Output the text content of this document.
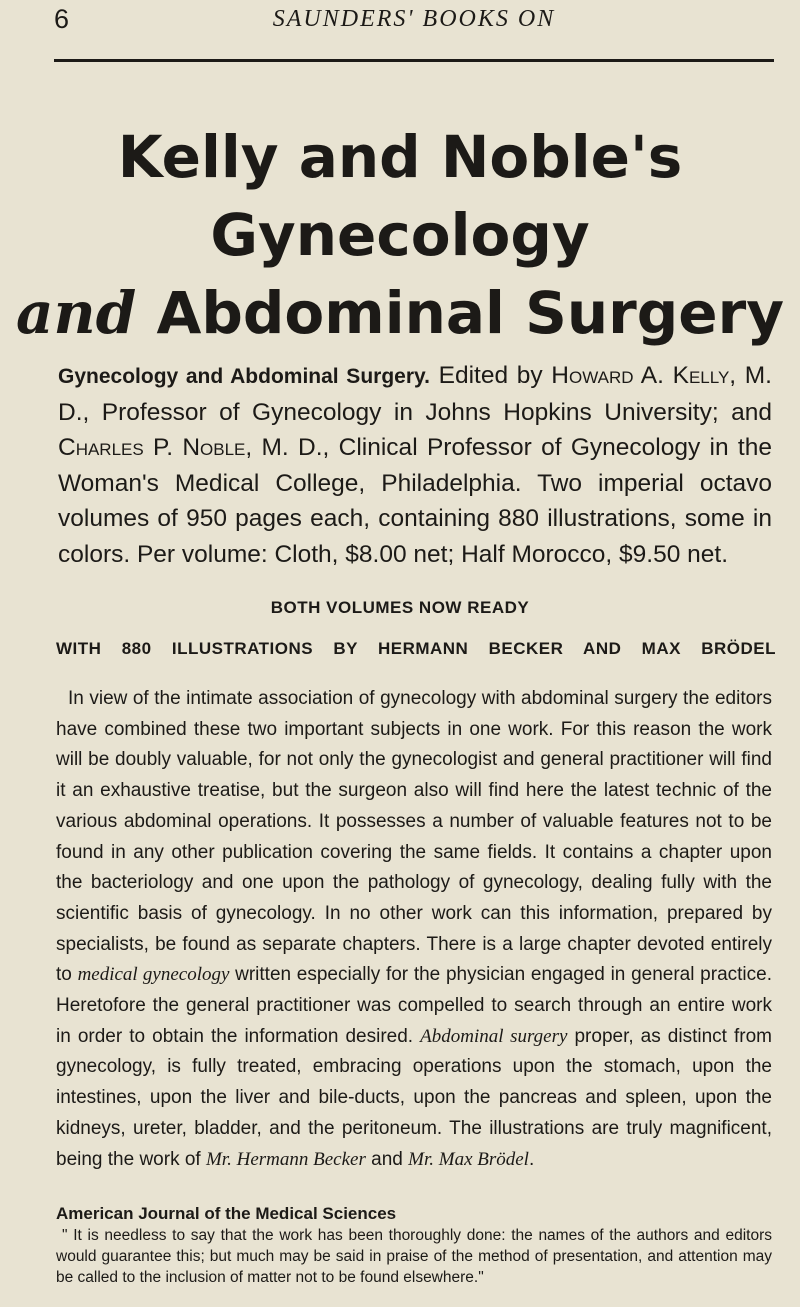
6	SAUNDERS' BOOKS ON
Kelly and Noble's
Gynecology
and Abdominal Surgery
Gynecology and Abdominal Surgery. Edited by Howard A. Kelly, M. D., Professor of Gynecology in Johns Hopkins University; and Charles P. Noble, M. D., Clinical Professor of Gynecology in the Woman's Medical College, Philadelphia. Two imperial octavo volumes of 950 pages each, containing 880 illustrations, some in colors. Per volume: Cloth, $8.00 net; Half Morocco, $9.50 net.
BOTH VOLUMES NOW READY
WITH 880 ILLUSTRATIONS BY HERMANN BECKER AND MAX BRÖDEL

In view of the intimate association of gynecology with abdominal surgery the editors have combined these two important subjects in one work. For this reason the work will be doubly valuable, for not only the gynecologist and general practitioner will find it an exhaustive treatise, but the surgeon also will find here the latest technic of the various abdominal operations. It possesses a number of valuable features not to be found in any other publication covering the same fields. It contains a chapter upon the bacteriology and one upon the pathology of gynecology, dealing fully with the scientific basis of gynecology. In no other work can this information, prepared by specialists, be found as separate chapters. There is a large chapter devoted entirely to medical gynecology written especially for the physician engaged in general practice. Heretofore the general practitioner was compelled to search through an entire work in order to obtain the information desired. Abdominal surgery proper, as distinct from gynecology, is fully treated, embracing operations upon the stomach, upon the intestines, upon the liver and bile-ducts, upon the pancreas and spleen, upon the kidneys, ureter, bladder, and the peritoneum. The illustrations are truly magnificent, being the work of Mr. Hermann Becker and Mr. Max Brödel.

American Journal of the Medical Sciences
" It is needless to say that the work has been thoroughly done: the names of the authors and editors would guarantee this; but much may be said in praise of the method of presentation, and attention may be called to the inclusion of matter not to be found elsewhere."
